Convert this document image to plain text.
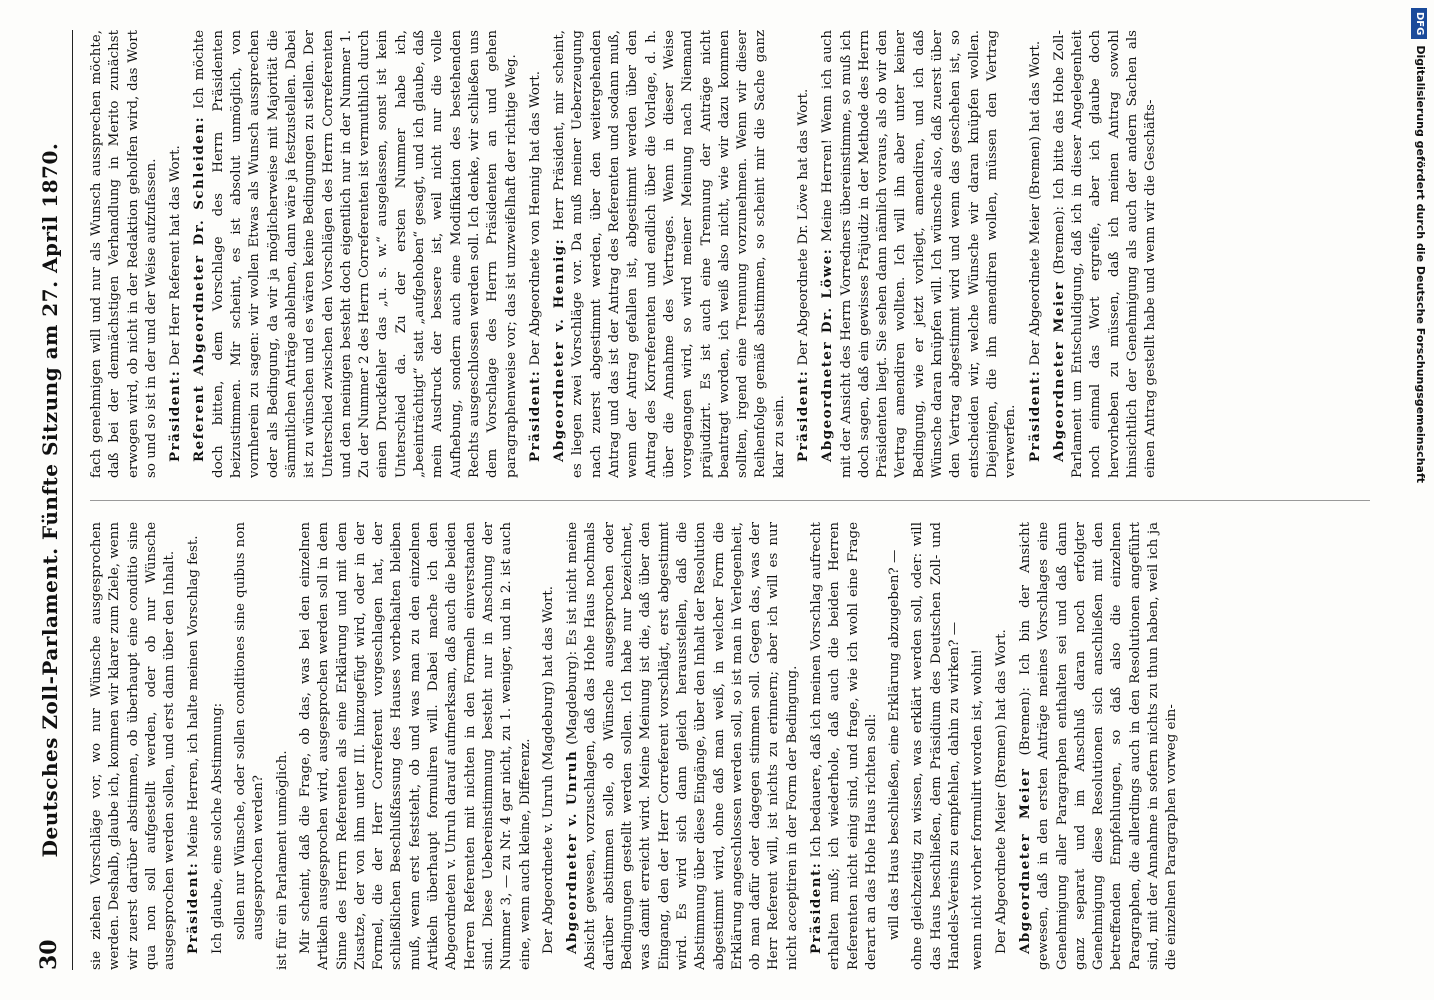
30
Deutsches Zoll-Parlament. Fünfte Sitzung am 27. April 1870. sie ziehen Vorschläge vor, wo nur Wünsche ausgesprochen werden. Deshalb, glaube ich, kommen wir klarer zum Ziele, wenn wir zuerst darüber abstimmen, ob überhaupt eine conditio sine qua non soll aufgestellt werden, oder ob nur Wünsche ausgesprochen werden sollen, und erst dann über den Inhalt. Präsident: Meine Herren, ich halte meinen Vorschlag fest. Ich glaube, eine solche Abstimmung: sollen nur Wünsche, oder sollen conditiones sine quibus non ausgesprochen werden? ist für ein Parlament unmöglich. Mir scheint, daß die Frage, ob das, was bei den einzelnen Artikeln ausgesprochen wird, ausgesprochen werden soll in dem Sinne des Herrn Referenten als eine Erklärung und mit dem Zusatze, der von ihm unter III. hinzugefügt wird, oder in der Formel, die der Herr Correferent vorgeschlagen hat, der schließlichen Beschlußfassung des Hauses vorbehalten bleiben muß, wenn erst feststeht, ob und was man zu den einzelnen Artikeln überhaupt formuliren will. Dabei mache ich den Abgeordneten v. Unruh darauf aufmerksam, daß auch die beiden Herren Referenten mit nichten in den Formeln einverstanden sind. Diese Uebereinstimmung besteht nur in Anschung der Nummer 3, — zu Nr. 4 gar nicht, zu 1. weniger, und in 2. ist auch eine, wenn auch kleine, Differenz. Der Abgeordnete v. Unruh (Magdeburg) hat das Wort. Abgeordneter v. Unruh (Magdeburg): Es ist nicht meine Absicht gewesen, vorzuschlagen, daß das Hohe Haus nochmals darüber abstimmen solle, ob Wünsche ausgesprochen oder Bedingungen gestellt werden sollen. Ich habe nur bezeichnet, was damit erreicht wird. Meine Meinung ist die, daß über den Eingang, den der Herr Correferent vorschlägt, erst abgestimmt wird. Es wird sich dann gleich herausstellen, daß die Abstimmung über diese Eingänge, über den Inhalt der Resolution abgestimmt wird, ohne daß man weiß, in welcher Form die Erklärung angeschlossen werden soll, so ist man in Verlegenheit, ob man dafür oder dagegen stimmen soll. Gegen das, was der Herr Referent will, ist nichts zu erinnern; aber ich will es nur nicht acceptiren in der Form der Bedingung. Präsident: Ich bedauere, daß ich meinen Vorschlag aufrecht erhalten muß; ich wiederhole, daß auch die beiden Herren Referenten nicht einig sind, und frage, wie ich wohl eine Frage derart an das Hohe Haus richten soll: will das Haus beschließen, eine Erklärung abzugeben? — ohne gleichzeitig zu wissen, was erklärt werden soll, oder: will das Haus beschließen, dem Präsidium des Deutschen Zoll- und Handels-Vereins zu empfehlen, dahin zu wirken? — wenn nicht vorher formulirt worden ist, wohin! Der Abgeordnete Meier (Bremen) hat das Wort. Abgeordneter Meier (Bremen): Ich bin der Ansicht gewesen, daß in den ersten Anträge meines Vorschlages eine Genehmigung aller Paragraphen enthalten sei und daß dann ganz separat und im Anschluß daran noch erfolgter Genehmigung diese Resolutionen sich anschließen mit den betreffenden Empfehlungen, so daß also die einzelnen Paragraphen, die allerdings auch in den Resolutionen angeführt sind, mit der Annahme in sofern nichts zu thun haben, weil ich ja die einzelnen Paragraphen vorweg ein-

fach genehmigen will und nur als Wunsch aussprechen möchte, daß bei der demnächstigen Verhandlung in Merito zunächst erwogen wird, ob nicht in der Redaktion geholfen wird, das Wort so und so ist in der und der Weise aufzufassen. Präsident: Der Herr Referent hat das Wort. Referent Abgeordneter Dr. Schleiden: Ich möchte doch bitten, dem Vorschlage des Herrn Präsidenten beizustimmen. Mir scheint, es ist absolut unmöglich, von vornherein zu sagen: wir wollen Etwas als Wunsch aussprechen oder als Bedingung, da wir ja möglicherweise mit Majorität die sämmtlichen Anträge ablehnen, dann wäre ja festzustellen. Dabei ist zu wünschen und es wären keine Bedingungen zu stellen. Der Unterschied zwischen den Vorschlägen des Herrn Correferenten und den meinigen besteht doch eigentlich nur in der Nummer 1. Zu der Nummer 2 des Herrn Correferenten ist vermuthlich durch einen Druckfehler das „u. s. w.“ ausgelassen, sonst ist kein Unterschied da. Zu der ersten Nummer habe ich, „beeinträchtigt“ statt „aufgehoben“ gesagt, und ich glaube, daß mein Ausdruck der bessere ist, weil nicht nur die volle Aufhebung, sondern auch eine Modifikation des bestehenden Rechts ausgeschlossen werden soll. Ich denke, wir schließen uns dem Vorschlage des Herrn Präsidenten an und gehen paragraphenweise vor; das ist unzweifelhaft der richtige Weg. Präsident: Der Abgeordnete von Hennig hat das Wort. Abgeordneter v. Hennig: Herr Präsident, mir scheint, es liegen zwei Vorschläge vor. Da muß meiner Ueberzeugung nach zuerst abgestimmt werden, über den weitergehenden Antrag und das ist der Antrag des Referenten und sodann muß, wenn der Antrag gefallen ist, abgestimmt werden über den Antrag des Korreferenten und endlich über die Vorlage, d. h. über die Annahme des Vertrages. Wenn in dieser Weise vorgegangen wird, so wird meiner Meinung nach Niemand präjudizirt. Es ist auch eine Trennung der Anträge nicht beantragt worden, ich weiß also nicht, wie wir dazu kommen sollten, irgend eine Trennung vorzunehmen. Wenn wir dieser Reihenfolge gemäß abstimmen, so scheint mir die Sache ganz klar zu sein. Präsident: Der Abgeordnete Dr. Löwe hat das Wort. Abgeordneter Dr. Löwe: Meine Herren! Wenn ich auch mit der Ansicht des Herrn Vorredners übereinstimme, so muß ich doch sagen, daß ein gewisses Präjudiz in der Methode des Herrn Präsidenten liegt. Sie sehen dann nämlich voraus, als ob wir den Vertrag amendiren wollten. Ich will ihn aber unter keiner Bedingung, wie er jetzt vorliegt, amendiren, und ich daß Wünsche daran knüpfen will. Ich wünsche also, daß zuerst über den Vertrag abgestimmt wird und wenn das geschehen ist, so entscheiden wir, welche Wünsche wir daran knüpfen wollen. Diejenigen, die ihn amendiren wollen, müssen den Vertrag verwerfen. Präsident: Der Abgeordnete Meier (Bremen) hat das Wort.

Abgeordneter Meier (Bremen): Ich bitte das Hohe Zoll-Parlament um Entschuldigung, daß ich in dieser Angelegenheit noch einmal das Wort ergreife, aber ich glaube doch hervorheben zu müssen, daß ich meinen Antrag sowohl hinsichtlich der Genehmigung als auch der andern Sachen als einen Antrag gestellt habe und wenn wir die Geschäfts-

DFGDigitalisierung gefördert durch die Deutsche Forschungsgemeinschaft
